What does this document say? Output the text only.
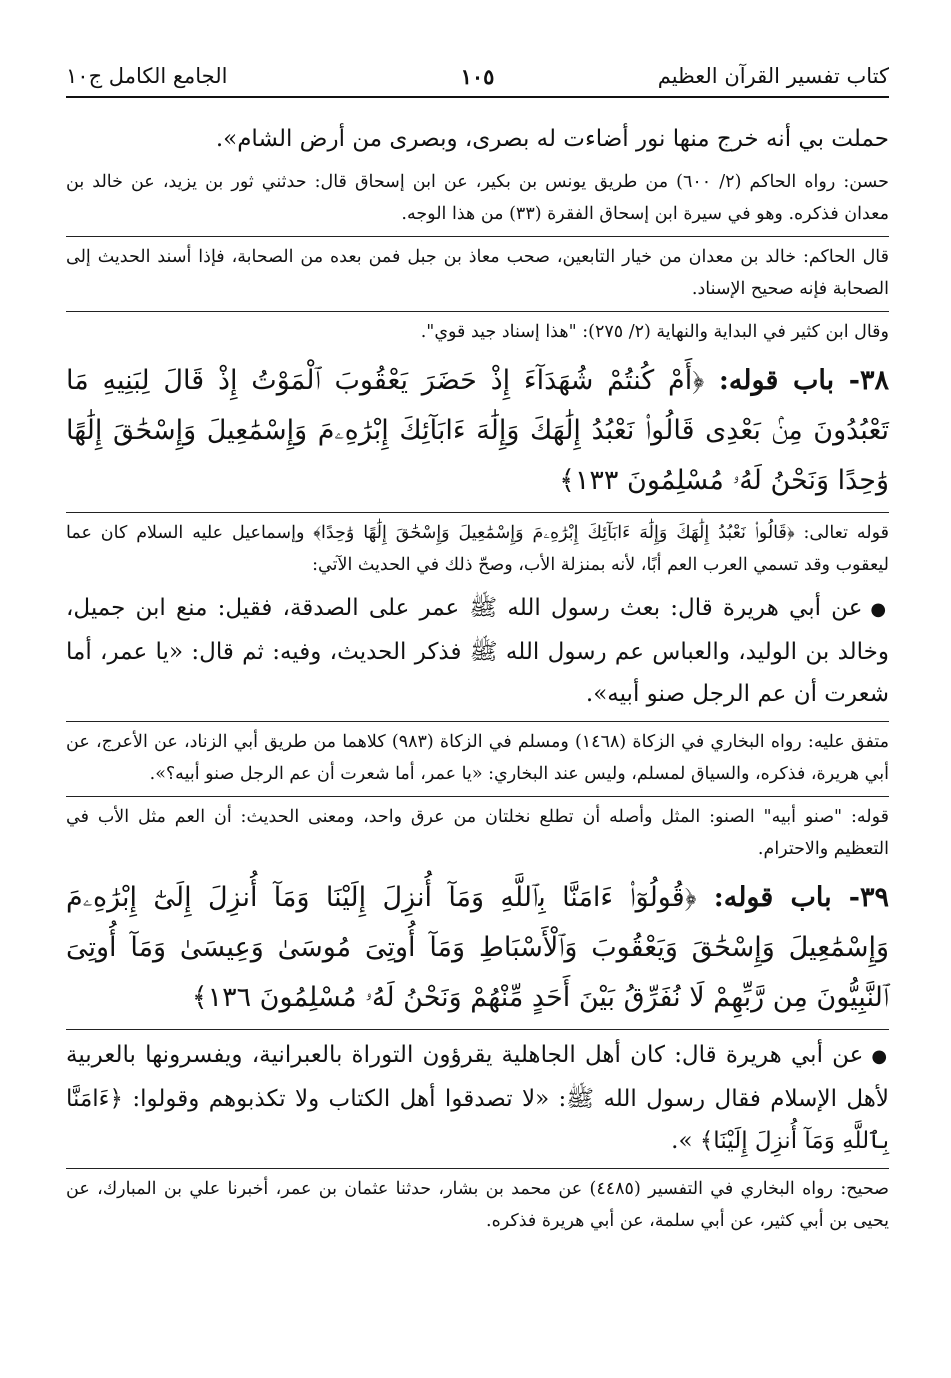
كتاب تفسير القرآن العظيم
١٠٥
الجامع الكامل ج١٠
حملت بي أنه خرج منها نور أضاءت له بصرى، وبصرى من أرض الشام».
حسن: رواه الحاكم (٢/ ٦٠٠) من طريق يونس بن بكير، عن ابن إسحاق قال: حدثني ثور بن يزيد، عن خالد بن معدان فذكره. وهو في سيرة ابن إسحاق الفقرة (٣٣) من هذا الوجه.
قال الحاكم: خالد بن معدان من خيار التابعين، صحب معاذ بن جبل فمن بعده من الصحابة، فإذا أسند الحديث إلى الصحابة فإنه صحيح الإسناد.
وقال ابن كثير في البداية والنهاية (٢/ ٢٧٥): "هذا إسناد جيد قوي".
٣٨- باب قوله: ﴿أَمْ كُنتُمْ شُهَدَآءَ إِذْ حَضَرَ يَعْقُوبَ ٱلْمَوْتُ إِذْ قَالَ لِبَنِيهِ مَا تَعْبُدُونَ مِنۢ بَعْدِى قَالُوا۟ نَعْبُدُ إِلَٰهَكَ وَإِلَٰهَ ءَابَآئِكَ إِبْرَٰهِۦمَ وَإِسْمَٰعِيلَ وَإِسْحَٰقَ إِلَٰهًا وَٰحِدًا وَنَحْنُ لَهُۥ مُسْلِمُونَ ١٣٣﴾
قوله تعالى: ﴿قَالُوا۟ نَعْبُدُ إِلَٰهَكَ وَإِلَٰهَ ءَابَآئِكَ إِبْرَٰهِۦمَ وَإِسْمَٰعِيلَ وَإِسْحَٰقَ إِلَٰهًا وَٰحِدًا﴾ وإسماعيل عليه السلام كان عما ليعقوب وقد تسمي العرب العم أبًا، لأنه بمنزلة الأب، وصحّ ذلك في الحديث الآتي:
●عن أبي هريرة قال: بعث رسول الله ﷺ عمر على الصدقة، فقيل: منع ابن جميل، وخالد بن الوليد، والعباس عم رسول الله ﷺ فذكر الحديث، وفيه: ثم قال: «يا عمر، أما شعرت أن عم الرجل صنو أبيه».
متفق عليه: رواه البخاري في الزكاة (١٤٦٨) ومسلم في الزكاة (٩٨٣) كلاهما من طريق أبي الزناد، عن الأعرج، عن أبي هريرة، فذكره، والسياق لمسلم، وليس عند البخاري: «يا عمر، أما شعرت أن عم الرجل صنو أبيه؟».
قوله: "صنو أبيه" الصنو: المثل وأصله أن تطلع نخلتان من عرق واحد، ومعنى الحديث: أن العم مثل الأب في التعظيم والاحترام.
٣٩- باب قوله: ﴿قُولُوٓا۟ ءَامَنَّا بِٱللَّهِ وَمَآ أُنزِلَ إِلَيْنَا وَمَآ أُنزِلَ إِلَىٰٓ إِبْرَٰهِۦمَ وَإِسْمَٰعِيلَ وَإِسْحَٰقَ وَيَعْقُوبَ وَٱلْأَسْبَاطِ وَمَآ أُوتِىَ مُوسَىٰ وَعِيسَىٰ وَمَآ أُوتِىَ ٱلنَّبِيُّونَ مِن رَّبِّهِمْ لَا نُفَرِّقُ بَيْنَ أَحَدٍ مِّنْهُمْ وَنَحْنُ لَهُۥ مُسْلِمُونَ ١٣٦﴾
●عن أبي هريرة قال: كان أهل الجاهلية يقرؤون التوراة بالعبرانية، ويفسرونها بالعربية لأهل الإسلام فقال رسول الله ﷺ: «لا تصدقوا أهل الكتاب ولا تكذبوهم وقولوا: ﴿ءَامَنَّا بِٱللَّهِ وَمَآ أُنزِلَ إِلَيْنَا﴾ ».
صحيح: رواه البخاري في التفسير (٤٤٨٥) عن محمد بن بشار، حدثنا عثمان بن عمر، أخبرنا علي بن المبارك، عن يحيى بن أبي كثير، عن أبي سلمة، عن أبي هريرة فذكره.
